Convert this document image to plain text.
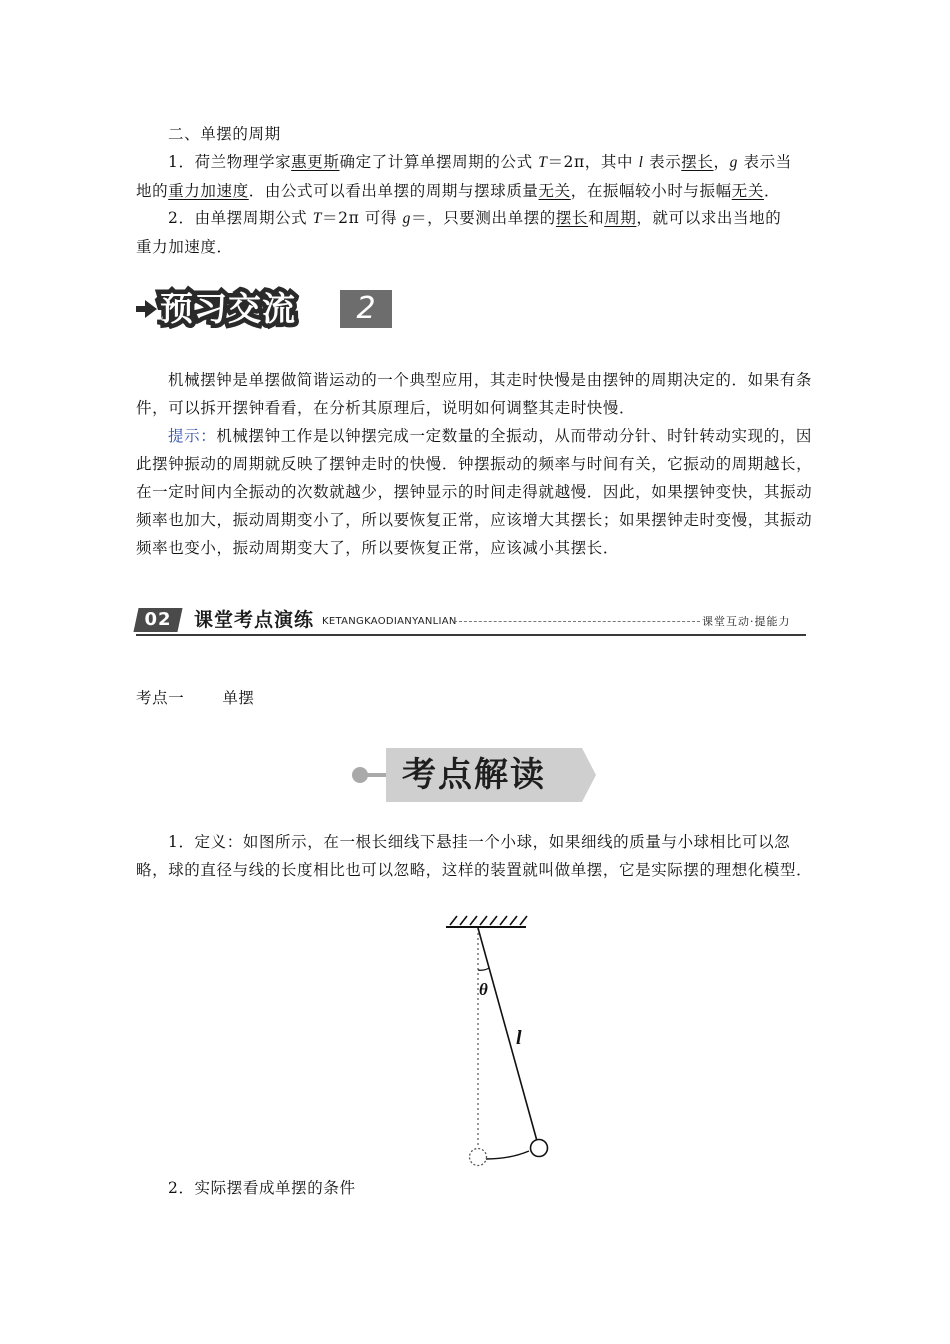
二、单摆的周期
1．荷兰物理学家惠更斯确定了计算单摆周期的公式 T＝2π，其中 l 表示摆长，g 表示当
地的重力加速度．由公式可以看出单摆的周期与摆球质量无关，在振幅较小时与振幅无关．
2．由单摆周期公式 T＝2π 可得 g＝，只要测出单摆的摆长和周期，就可以求出当地的
重力加速度．
预习交流	2
机械摆钟是单摆做简谐运动的一个典型应用，其走时快慢是由摆钟的周期决定的．如果有条件，可以拆开摆钟看看，在分析其原理后，说明如何调整其走时快慢．
提示：机械摆钟工作是以钟摆完成一定数量的全振动，从而带动分针、时针转动实现的，因此摆钟振动的周期就反映了摆钟走时的快慢．钟摆振动的频率与时间有关，它振动的周期越长，在一定时间内全振动的次数就越少，摆钟显示的时间走得就越慢．因此，如果摆钟变快，其振动频率也加大，振动周期变小了，所以要恢复正常，应该增大其摆长；如果摆钟走时变慢，其振动频率也变小，振动周期变大了，所以要恢复正常，应该减小其摆长．
02	课堂考点演练 KETANGKAODIANYANLIAN	课堂互动·提能力
考点一 单摆
考点解读
1．定义：如图所示，在一根长细线下悬挂一个小球，如果细线的质量与小球相比可以忽略，球的直径与线的长度相比也可以忽略，这样的装置就叫做单摆，它是实际摆的理想化模型．
θ
l
2．实际摆看成单摆的条件
